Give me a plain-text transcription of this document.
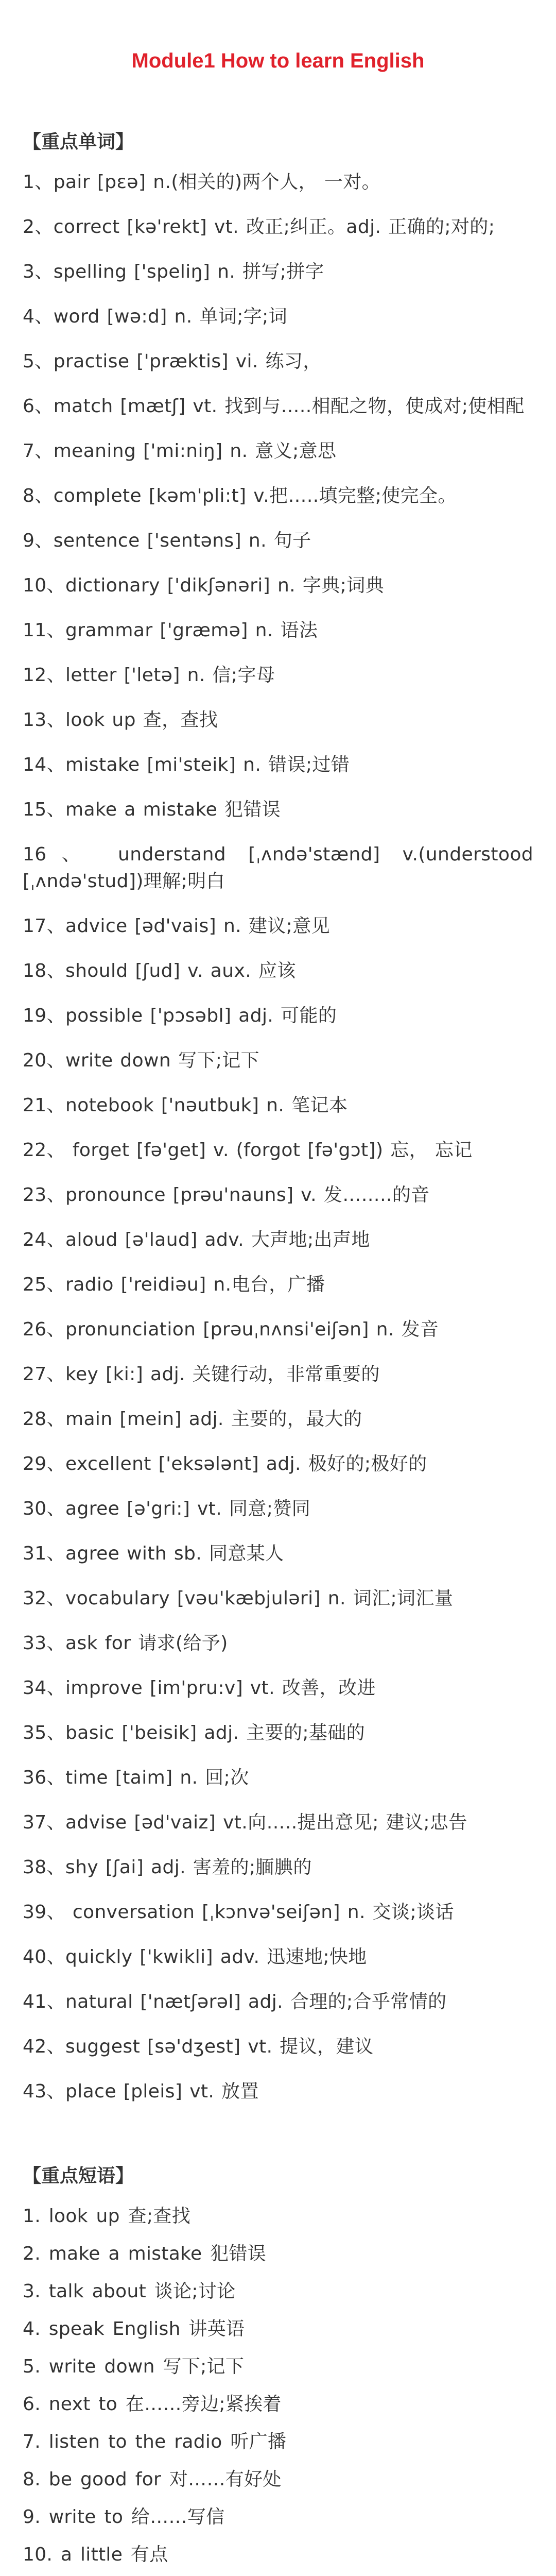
Module1 How to learn English
【重点单词】
1、pair [pɛə] n.(相关的)两个人， 一对。
2、correct [kə'rekt] vt. 改正;纠正。adj. 正确的;对的;
3、spelling ['speliŋ] n. 拼写;拼字
4、word [wə:d] n. 单词;字;词
5、practise ['præktis] vi. 练习，
6、match [mætʃ] vt. 找到与…..相配之物，使成对;使相配
7、meaning ['mi:niŋ] n. 意义;意思
8、complete [kəm'pli:t] v.把…..填完整;使完全。
9、sentence ['sentəns] n. 句子
10、dictionary ['dikʃənəri] n. 字典;词典
11、grammar ['græmə] n. 语法
12、letter ['letə] n. 信;字母
13、look up 查，查找
14、mistake [mi'steik] n. 错误;过错
15、make a mistake 犯错误
16、 understand [ˌʌndə'stænd] v.(understood [ˌʌndə'stud])理解;明白
17、advice [əd'vais] n. 建议;意见
18、should [ʃud] v. aux. 应该
19、possible ['pɔsəbl] adj. 可能的
20、write down 写下;记下
21、notebook ['nəutbuk] n. 笔记本
22、 forget [fə'get] v. (forgot [fə'gɔt]) 忘， 忘记
23、pronounce [prəu'nauns] v. 发……..的音
24、aloud [ə'laud] adv. 大声地;出声地
25、radio ['reidiəu] n.电台，广播
26、pronunciation [prəuˌnʌnsi'eiʃən] n. 发音
27、key [ki:] adj. 关键行动，非常重要的
28、main [mein] adj. 主要的，最大的
29、excellent ['eksələnt] adj. 极好的;极好的
30、agree [ə'gri:] vt. 同意;赞同
31、agree with sb. 同意某人
32、vocabulary [vəu'kæbjuləri] n. 词汇;词汇量
33、ask for 请求(给予)
34、improve [im'pru:v] vt. 改善，改进
35、basic ['beisik] adj. 主要的;基础的
36、time [taim] n. 回;次
37、advise [əd'vaiz] vt.向…..提出意见; 建议;忠告
38、shy [ʃai] adj. 害羞的;腼腆的
39、 conversation [ˌkɔnvə'seiʃən] n. 交谈;谈话
40、quickly ['kwikli] adv. 迅速地;快地
41、natural ['nætʃərəl] adj. 合理的;合乎常情的
42、suggest [sə'dʒest] vt. 提议，建议
43、place [pleis] vt. 放置
【重点短语】
1. look up 查;查找
2. make a mistake 犯错误
3. talk about 谈论;讨论
4. speak English 讲英语
5. write down 写下;记下
6. next to 在……旁边;紧挨着
7. listen to the radio 听广播
8. be good for 对……有好处
9. write to 给……写信
10. a little 有点
